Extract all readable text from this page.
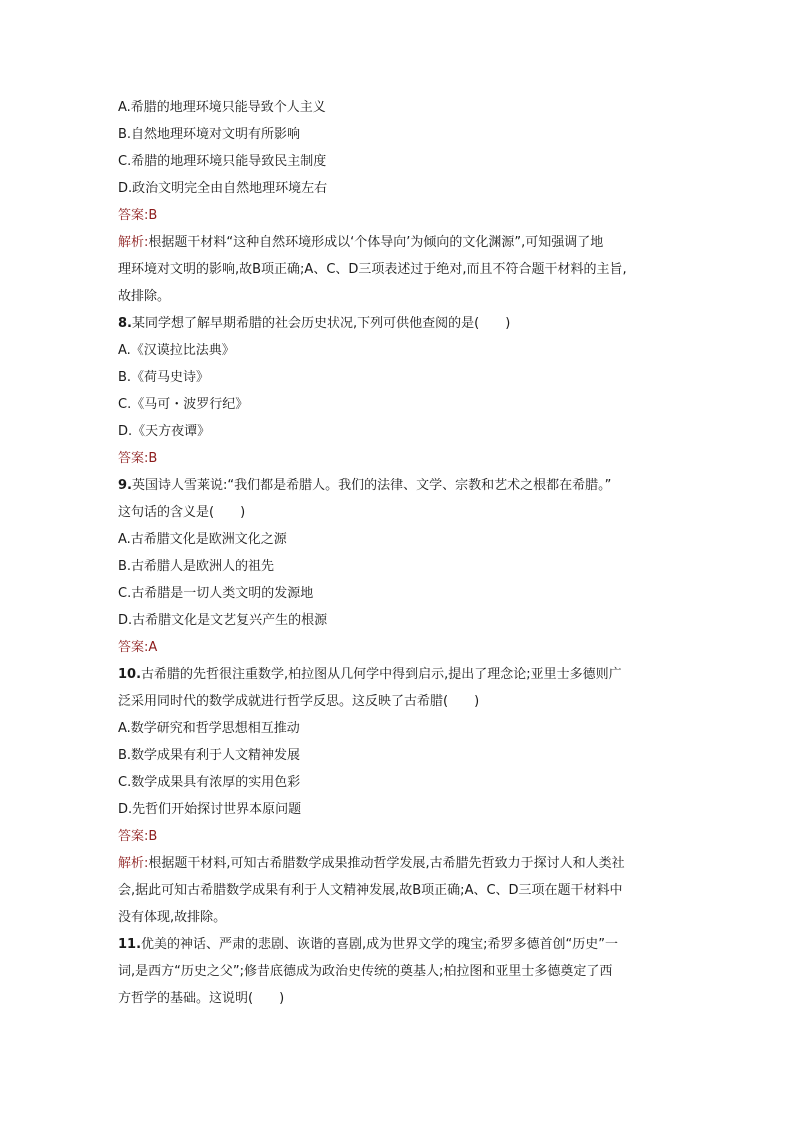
A.希腊的地理环境只能导致个人主义
B.自然地理环境对文明有所影响
C.希腊的地理环境只能导致民主制度
D.政治文明完全由自然地理环境左右
答案:B
解析:根据题干材料“这种自然环境形成以‘个体导向’为倾向的文化渊源”,可知强调了地
理环境对文明的影响,故B项正确;A、C、D三项表述过于绝对,而且不符合题干材料的主旨,
故排除。
8.某同学想了解早期希腊的社会历史状况,下列可供他查阅的是(　　)
A.《汉谟拉比法典》
B.《荷马史诗》
C.《马可・波罗行纪》
D.《天方夜谭》
答案:B
9.英国诗人雪莱说:“我们都是希腊人。我们的法律、文学、宗教和艺术之根都在希腊。”
这句话的含义是(　　)
A.古希腊文化是欧洲文化之源
B.古希腊人是欧洲人的祖先
C.古希腊是一切人类文明的发源地
D.古希腊文化是文艺复兴产生的根源
答案:A
10.古希腊的先哲很注重数学,柏拉图从几何学中得到启示,提出了理念论;亚里士多德则广
泛采用同时代的数学成就进行哲学反思。这反映了古希腊(　　)
A.数学研究和哲学思想相互推动
B.数学成果有利于人文精神发展
C.数学成果具有浓厚的实用色彩
D.先哲们开始探讨世界本原问题
答案:B
解析:根据题干材料,可知古希腊数学成果推动哲学发展,古希腊先哲致力于探讨人和人类社
会,据此可知古希腊数学成果有利于人文精神发展,故B项正确;A、C、D三项在题干材料中
没有体现,故排除。
11.优美的神话、严肃的悲剧、诙谐的喜剧,成为世界文学的瑰宝;希罗多德首创“历史”一
词,是西方“历史之父”;修昔底德成为政治史传统的奠基人;柏拉图和亚里士多德奠定了西
方哲学的基础。这说明(　　)
